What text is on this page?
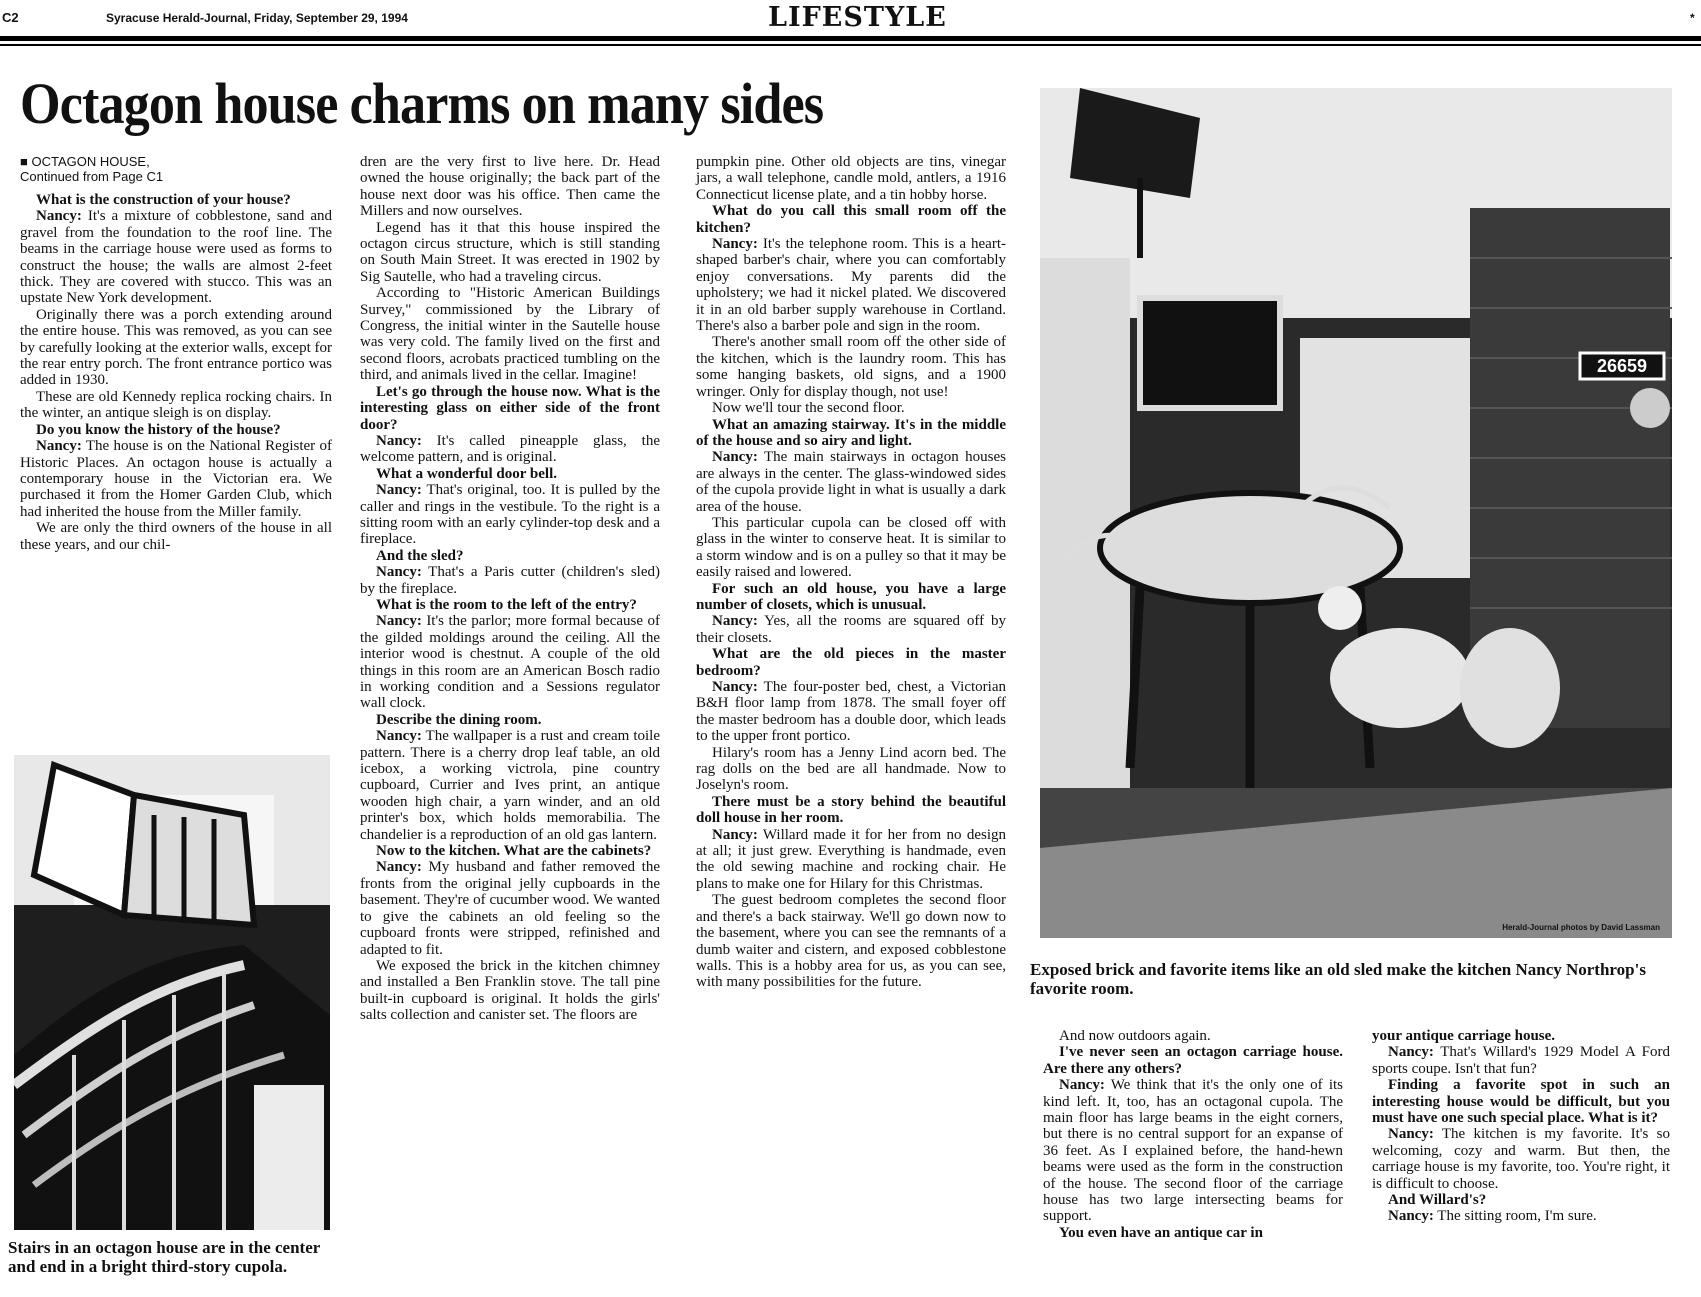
C2	Syracuse Herald-Journal, Friday, September 29, 1994	LIFESTYLE	*
Octagon house charms on many sides

■ OCTAGON HOUSE,

Continued from Page C1

What is the construction of your house?

Nancy: It's a mixture of cobblestone, sand and gravel from the foundation to the roof line. The beams in the carriage house were used as forms to construct the house; the walls are almost 2-feet thick. They are covered with stucco. This was an upstate New York development.

Originally there was a porch extending around the entire house. This was removed, as you can see by carefully looking at the exterior walls, except for the rear entry porch. The front entrance portico was added in 1930.

These are old Kennedy replica rocking chairs. In the winter, an antique sleigh is on display.

Do you know the history of the house?

Nancy: The house is on the National Register of Historic Places. An octagon house is actually a contemporary house in the Victorian era. We purchased it from the Homer Garden Club, which had inherited the house from the Miller family.

We are only the third owners of the house in all these years, and our chil-

Stairs in an octagon house are in the center and end in a bright third-story cupola.

dren are the very first to live here. Dr. Head owned the house originally; the back part of the house next door was his office. Then came the Millers and now ourselves.

Legend has it that this house inspired the octagon circus structure, which is still standing on South Main Street. It was erected in 1902 by Sig Sautelle, who had a traveling circus.

According to "Historic American Buildings Survey," commissioned by the Library of Congress, the initial winter in the Sautelle house was very cold. The family lived on the first and second floors, acrobats practiced tumbling on the third, and animals lived in the cellar. Imagine!

Let's go through the house now. What is the interesting glass on either side of the front door?

Nancy: It's called pineapple glass, the welcome pattern, and is original.

What a wonderful door bell.

Nancy: That's original, too. It is pulled by the caller and rings in the vestibule. To the right is a sitting room with an early cylinder-top desk and a fireplace.

And the sled?

Nancy: That's a Paris cutter (children's sled) by the fireplace.

What is the room to the left of the entry?

Nancy: It's the parlor; more formal because of the gilded moldings around the ceiling. All the interior wood is chestnut. A couple of the old things in this room are an American Bosch radio in working condition and a Sessions regulator wall clock.

Describe the dining room.

Nancy: The wallpaper is a rust and cream toile pattern. There is a cherry drop leaf table, an old icebox, a working victrola, pine country cupboard, Currier and Ives print, an antique wooden high chair, a yarn winder, and an old printer's box, which holds memorabilia. The chandelier is a reproduction of an old gas lantern.

Now to the kitchen. What are the cabinets?

Nancy: My husband and father removed the fronts from the original jelly cupboards in the basement. They're of cucumber wood. We wanted to give the cabinets an old feeling so the cupboard fronts were stripped, refinished and adapted to fit.

We exposed the brick in the kitchen chimney and installed a Ben Franklin stove. The tall pine built-in cupboard is original. It holds the girls' salts collection and canister set. The floors are

pumpkin pine. Other old objects are tins, vinegar jars, a wall telephone, candle mold, antlers, a 1916 Connecticut license plate, and a tin hobby horse.

What do you call this small room off the kitchen?

Nancy: It's the telephone room. This is a heart-shaped barber's chair, where you can comfortably enjoy conversations. My parents did the upholstery; we had it nickel plated. We discovered it in an old barber supply warehouse in Cortland. There's also a barber pole and sign in the room.

There's another small room off the other side of the kitchen, which is the laundry room. This has some hanging baskets, old signs, and a 1900 wringer. Only for display though, not use!

Now we'll tour the second floor.

What an amazing stairway. It's in the middle of the house and so airy and light.

Nancy: The main stairways in octagon houses are always in the center. The glass-windowed sides of the cupola provide light in what is usually a dark area of the house.

This particular cupola can be closed off with glass in the winter to conserve heat. It is similar to a storm window and is on a pulley so that it may be easily raised and lowered.

For such an old house, you have a large number of closets, which is unusual.

Nancy: Yes, all the rooms are squared off by their closets.

What are the old pieces in the master bedroom?

Nancy: The four-poster bed, chest, a Victorian B&H floor lamp from 1878. The small foyer off the master bedroom has a double door, which leads to the upper front portico.

Hilary's room has a Jenny Lind acorn bed. The rag dolls on the bed are all handmade. Now to Joselyn's room.

There must be a story behind the beautiful doll house in her room.

Nancy: Willard made it for her from no design at all; it just grew. Everything is handmade, even the old sewing machine and rocking chair. He plans to make one for Hilary for this Christmas.

The guest bedroom completes the second floor and there's a back stairway. We'll go down now to the basement, where you can see the remnants of a dumb waiter and cistern, and exposed cobblestone walls. This is a hobby area for us, as you can see, with many possibilities for the future.

26659
Herald-Journal photos by David Lassman
Exposed brick and favorite items like an old sled make the kitchen Nancy Northrop's favorite room.

And now outdoors again.

I've never seen an octagon carriage house. Are there any others?

Nancy: We think that it's the only one of its kind left. It, too, has an octagonal cupola. The main floor has large beams in the eight corners, but there is no central support for an expanse of 36 feet. As I explained before, the hand-hewn beams were used as the form in the construction of the house. The second floor of the carriage house has two large intersecting beams for support.

You even have an antique car in

your antique carriage house.

Nancy: That's Willard's 1929 Model A Ford sports coupe. Isn't that fun?

Finding a favorite spot in such an interesting house would be difficult, but you must have one such special place. What is it?

Nancy: The kitchen is my favorite. It's so welcoming, cozy and warm. But then, the carriage house is my favorite, too. You're right, it is difficult to choose.

And Willard's?

Nancy: The sitting room, I'm sure.
